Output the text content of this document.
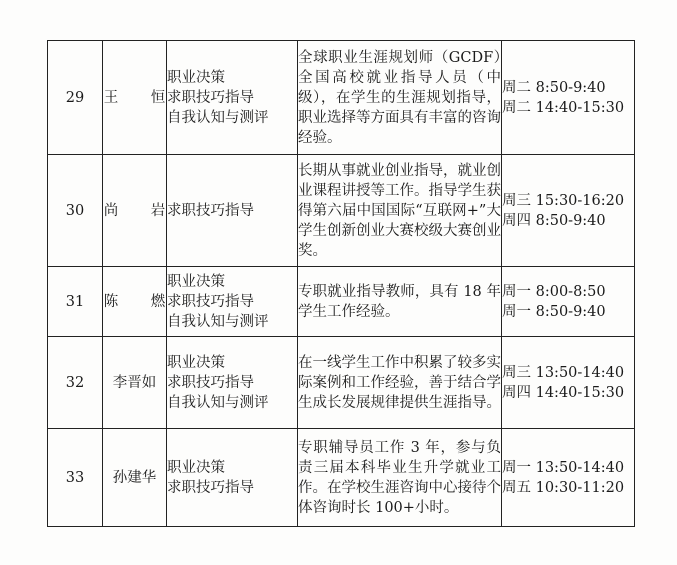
29	王 恒	职业决策
求职技巧指导
自我认知与测评	全球职业生涯规划师（GCDF）全国高校就业指导人员（中级），在学生的生涯规划指导，职业选择等方面具有丰富的咨询经验。	周二 8:50-9:40
周二 14:40-15:30

30	尚 岩	求职技巧指导	长期从事就业创业指导，就业创业课程讲授等工作。指导学生获得第六届中国国际“互联网+”大学生创新创业大赛校级大赛创业奖。	周三 15:30-16:20
周四 8:50-9:40

31	陈 燃	职业决策
求职技巧指导
自我认知与测评	专职就业指导教师，具有 18 年学生工作经验。	周一 8:00-8:50
周一 8:50-9:40

32	李晋如	职业决策
求职技巧指导
自我认知与测评	在一线学生工作中积累了较多实际案例和工作经验，善于结合学生成长发展规律提供生涯指导。	周三 13:50-14:40
周四 14:40-15:30

33	孙建华	职业决策
求职技巧指导	专职辅导员工作 3 年，参与负责三届本科毕业生升学就业工作。在学校生涯咨询中心接待个体咨询时长 100+小时。	周一 13:50-14:40
周五 10:30-11:20
